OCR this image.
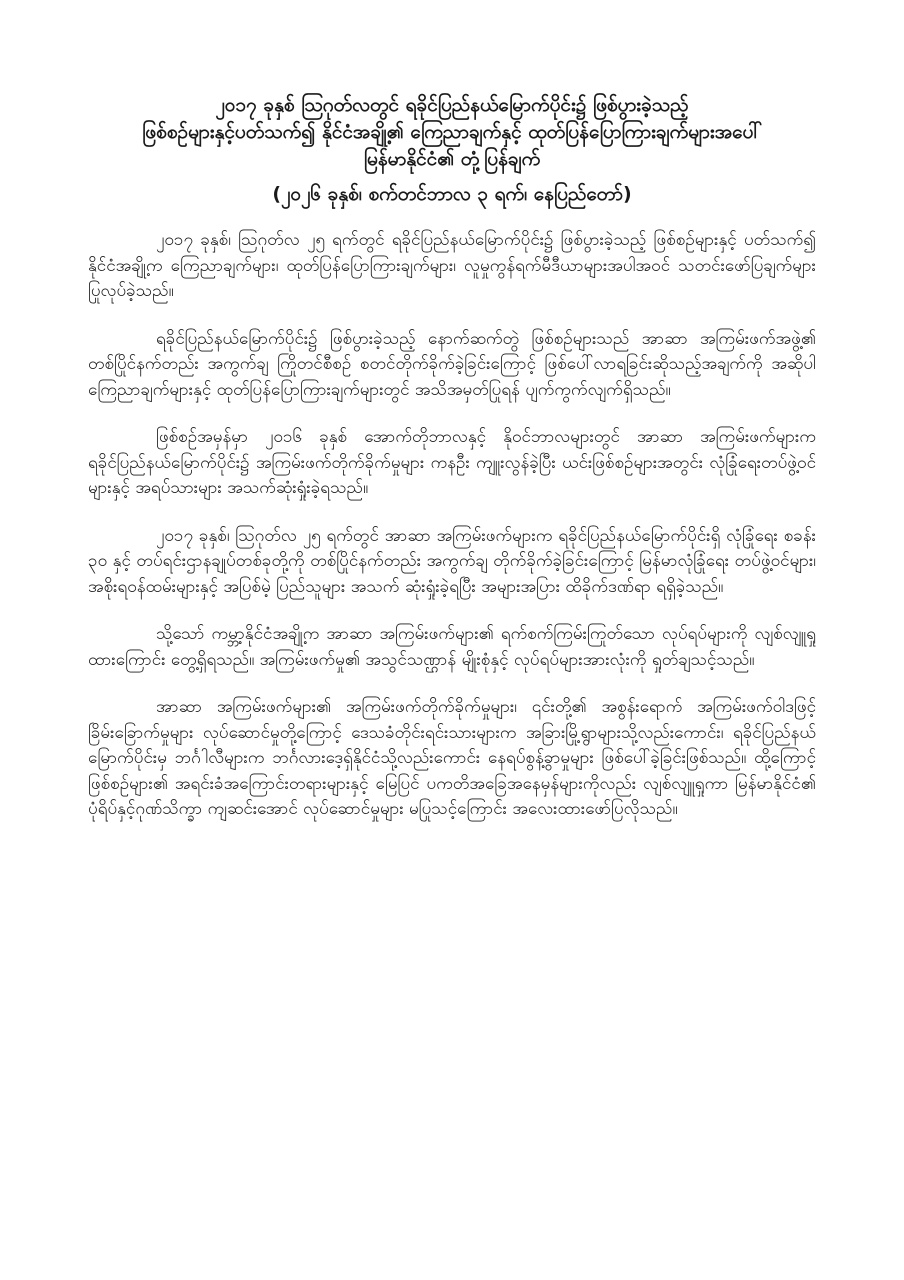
၂၀၁၇ ခုနှစ် ဩဂုတ်လတွင် ရခိုင်ပြည်နယ်မြောက်ပိုင်း၌ ဖြစ်ပွားခဲ့သည့်

ဖြစ်စဉ်များနှင့်ပတ်သက်၍ နိုင်ငံအချို့၏ ကြေညာချက်နှင့် ထုတ်ပြန်ပြောကြားချက်များအပေါ်

မြန်မာနိုင်ငံ၏ တုံ့ပြန်ချက်

(၂၀၂၆ ခုနှစ်၊ စက်တင်ဘာလ ၃ ရက်၊ နေပြည်တော်)

၂၀၁၇ ခုနှစ်၊ ဩဂုတ်လ ၂၅ ရက်တွင် ရခိုင်ပြည်နယ်မြောက်ပိုင်း၌ ဖြစ်ပွားခဲ့သည့် ဖြစ်စဉ်များနှင့် ပတ်သက်၍ နိုင်ငံအချို့က ကြေညာချက်များ၊ ထုတ်ပြန်ပြောကြားချက်များ၊ လူမှုကွန်ရက်မီဒီယာများအပါအဝင် သတင်းဖော်ပြချက်များ ပြုလုပ်ခဲ့သည်။

ရခိုင်ပြည်နယ်မြောက်ပိုင်း၌ ဖြစ်ပွားခဲ့သည့် နောက်ဆက်တွဲ ဖြစ်စဉ်များသည် အာဆာ အကြမ်းဖက်အဖွဲ့၏ တစ်ပြိုင်နက်တည်း အကွက်ချ ကြိုတင်စီစဉ် စတင်တိုက်ခိုက်ခဲ့ခြင်းကြောင့် ဖြစ်ပေါ်လာရခြင်းဆိုသည့်အချက်ကို အဆိုပါ ကြေညာချက်များနှင့် ထုတ်ပြန်ပြောကြားချက်များတွင် အသိအမှတ်ပြုရန် ပျက်ကွက်လျက်ရှိသည်။

ဖြစ်စဉ်အမှန်မှာ ၂၀၁၆ ခုနှစ် အောက်တိုဘာလနှင့် နိုဝင်ဘာလများတွင် အာဆာ အကြမ်းဖက်များက ရခိုင်ပြည်နယ်မြောက်ပိုင်း၌ အကြမ်းဖက်တိုက်ခိုက်မှုများ ကနဦး ကျူးလွန်ခဲ့ပြီး ယင်းဖြစ်စဉ်များအတွင်း လုံခြုံရေးတပ်ဖွဲ့ဝင်များနှင့် အရပ်သားများ အသက်ဆုံးရှုံးခဲ့ရသည်။

၂၀၁၇ ခုနှစ်၊ ဩဂုတ်လ ၂၅ ရက်တွင် အာဆာ အကြမ်းဖက်များက ရခိုင်ပြည်နယ်မြောက်ပိုင်းရှိ လုံခြုံရေး စခန်း ၃၀ နှင့် တပ်ရင်းဌာနချုပ်တစ်ခုတို့ကို တစ်ပြိုင်နက်တည်း အကွက်ချ တိုက်ခိုက်ခဲ့ခြင်းကြောင့် မြန်မာလုံခြုံရေး တပ်ဖွဲ့ဝင်များ၊ အစိုးရဝန်ထမ်းများနှင့် အပြစ်မဲ့ ပြည်သူများ အသက် ဆုံးရှုံးခဲ့ရပြီး အများအပြား ထိခိုက်ဒဏ်ရာ ရရှိခဲ့သည်။

သို့သော် ကမ္ဘာ့နိုင်ငံအချို့က အာဆာ အကြမ်းဖက်များ၏ ရက်စက်ကြမ်းကြုတ်သော လုပ်ရပ်များကို လျစ်လျူရှုထားကြောင်း တွေ့ရှိရသည်။ အကြမ်းဖက်မှု၏ အသွင်သဏ္ဌာန် မျိုးစုံနှင့် လုပ်ရပ်များအားလုံးကို ရှုတ်ချသင့်သည်။

အာဆာ အကြမ်းဖက်များ၏ အကြမ်းဖက်တိုက်ခိုက်မှုများ၊ ၎င်းတို့၏ အစွန်းရောက် အကြမ်းဖက်ဝါဒဖြင့် ခြိမ်းခြောက်မှုများ လုပ်ဆောင်မှုတို့ကြောင့် ဒေသခံတိုင်းရင်းသားများက အခြားမြို့ရွာများသို့လည်းကောင်း၊ ရခိုင်ပြည်နယ်မြောက်ပိုင်းမှ ဘင်္ဂါလီများက ဘင်္ဂလားဒေ့ရှ်နိုင်ငံသို့လည်းကောင်း နေရပ်စွန့်ခွာမှုများ ဖြစ်ပေါ်ခဲ့ခြင်းဖြစ်သည်။ ထို့ကြောင့် ဖြစ်စဉ်များ၏ အရင်းခံအကြောင်းတရားများနှင့် မြေပြင် ပကတိအခြေအနေမှန်များကိုလည်း လျစ်လျူရှုကာ မြန်မာနိုင်ငံ၏ ပုံရိပ်နှင့်ဂုဏ်သိက္ခာ ကျဆင်းအောင် လုပ်ဆောင်မှုများ မပြုသင့်ကြောင်း အလေးထားဖော်ပြလိုသည်။
